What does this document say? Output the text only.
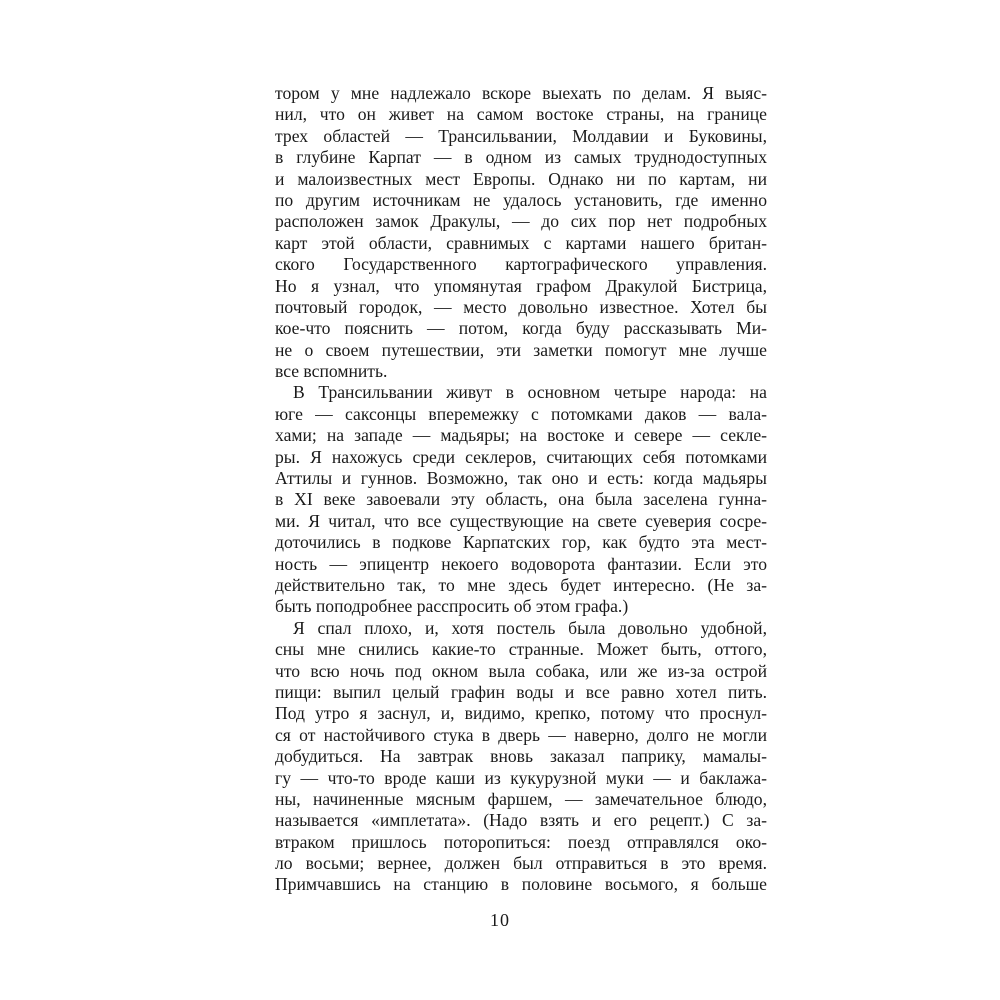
тором у мне надлежало вскоре выехать по делам. Я выяс-
нил, что он живет на самом востоке страны, на границе
трех областей — Трансильвании, Молдавии и Буковины,
в глубине Карпат — в одном из самых труднодоступных
и малоизвестных мест Европы. Однако ни по картам, ни
по другим источникам не удалось установить, где именно
расположен замок Дракулы, — до сих пор нет подробных
карт этой области, сравнимых с картами нашего британ-
ского Государственного картографического управления.
Но я узнал, что упомянутая графом Дракулой Бистрица,
почтовый городок, — место довольно известное. Хотел бы
кое-что пояснить — потом, когда буду рассказывать Ми-
не о своем путешествии, эти заметки помогут мне лучше
все вспомнить.
В Трансильвании живут в основном четыре народа: на
юге — саксонцы вперемежку с потомками даков — вала-
хами; на западе — мадьяры; на востоке и севере — секле-
ры. Я нахожусь среди секлеров, считающих себя потомками
Аттилы и гуннов. Возможно, так оно и есть: когда мадьяры
в XI веке завоевали эту область, она была заселена гунна-
ми. Я читал, что все существующие на свете суеверия сосре-
доточились в подкове Карпатских гор, как будто эта мест-
ность — эпицентр некоего водоворота фантазии. Если это
действительно так, то мне здесь будет интересно. (Не за-
быть поподробнее расспросить об этом графа.)
Я спал плохо, и, хотя постель была довольно удобной,
сны мне снились какие-то странные. Может быть, оттого,
что всю ночь под окном выла собака, или же из-за острой
пищи: выпил целый графин воды и все равно хотел пить.
Под утро я заснул, и, видимо, крепко, потому что проснул-
ся от настойчивого стука в дверь — наверно, долго не могли
добудиться. На завтрак вновь заказал паприку, мамалы-
гу — что-то вроде каши из кукурузной муки — и баклажа-
ны, начиненные мясным фаршем, — замечательное блюдо,
называется «имплетата». (Надо взять и его рецепт.) С за-
втраком пришлось поторопиться: поезд отправлялся око-
ло восьми; вернее, должен был отправиться в это время.
Примчавшись на станцию в половине восьмого, я больше
10
